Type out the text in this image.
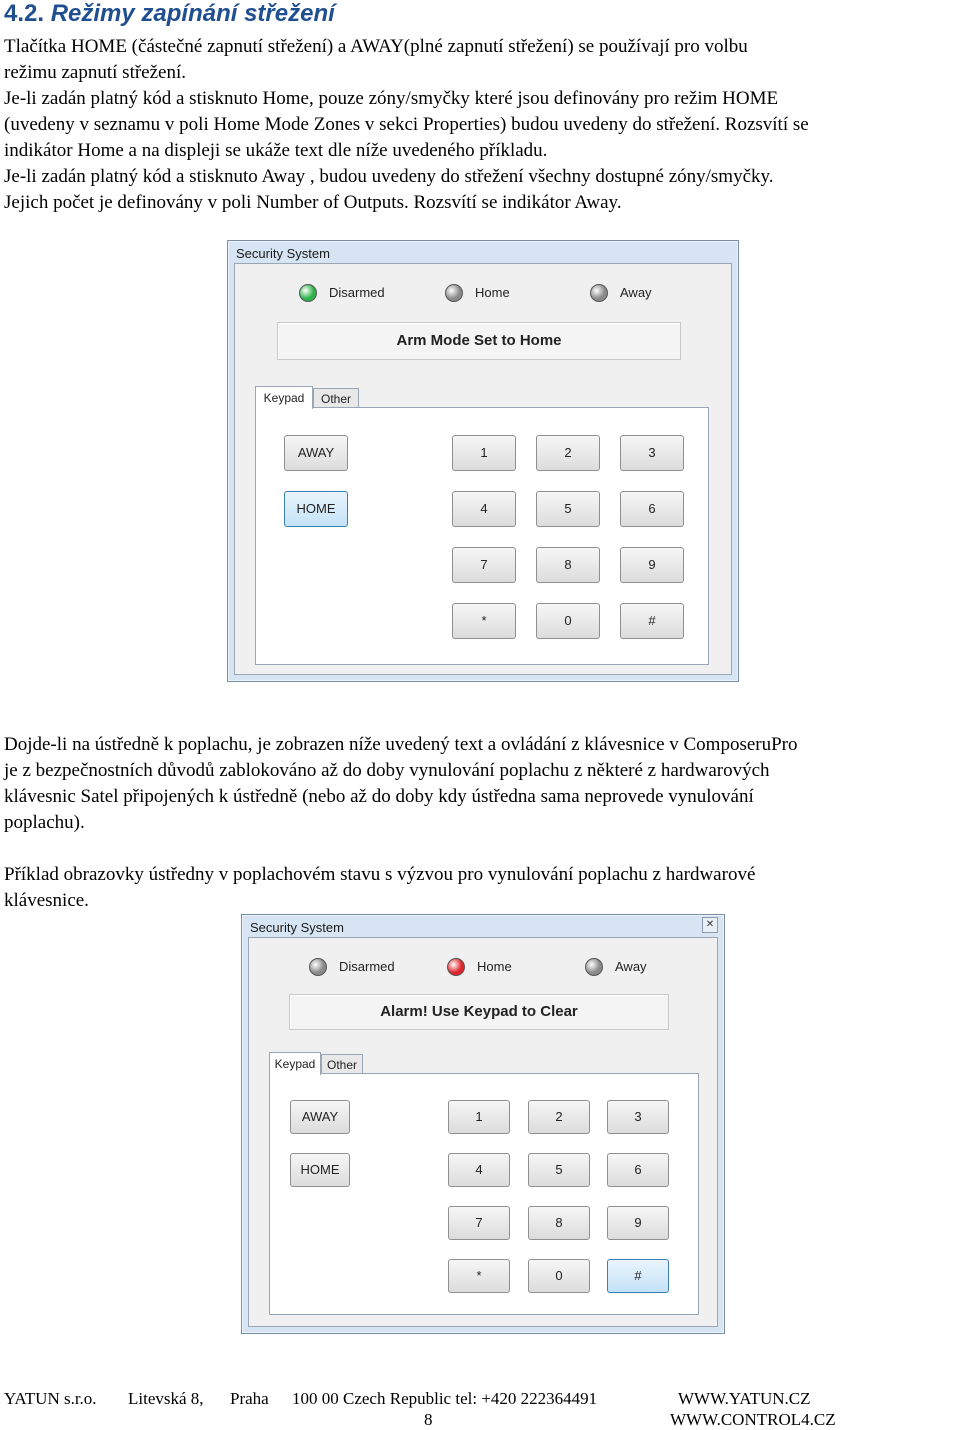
4.2. Režimy zapínání střežení
Tlačítka HOME (částečné zapnutí střežení) a AWAY(plné zapnutí střežení) se používají pro volbu
režimu zapnutí střežení.
Je-li zadán platný kód a stisknuto Home, pouze zóny/smyčky které jsou definovány pro režim HOME
(uvedeny v seznamu v poli Home Mode Zones v sekci Properties) budou uvedeny do střežení. Rozsvítí se
indikátor Home a na displeji se ukáže text dle níže uvedeného příkladu.
Je-li zadán platný kód a stisknuto Away , budou uvedeny do střežení všechny dostupné zóny/smyčky.
Jejich počet je definovány v poli Number of Outputs. Rozsvítí se indikátor Away.
Security System
Disarmed	Home	Away
Arm Mode Set to Home
Keypad	Other
AWAY
HOME
1	2	3
4	5	6
7	8	9
*	0	#
Dojde-li na ústředně k poplachu, je zobrazen níže uvedený text a ovládání z klávesnice v ComposeruPro
je z bezpečnostních důvodů zablokováno až do doby vynulování poplachu z některé z hardwarových
klávesnic Satel připojených k ústředně (nebo až do doby kdy ústředna sama neprovede vynulování
poplachu).
Příklad obrazovky ústředny v poplachovém stavu s výzvou pro vynulování poplachu z hardwarové
klávesnice.
Security System	✕
Disarmed	Home	Away
Alarm! Use Keypad to Clear
Keypad Other
AWAY
HOME
1	2	3
4	5	6
7	8	9
*	0	#
YATUN s.r.o. Litevská 8, Praha 100 00 Czech Republic tel: +420 222364491	WWW.YATUN.CZ
8	WWW.CONTROL4.CZ
